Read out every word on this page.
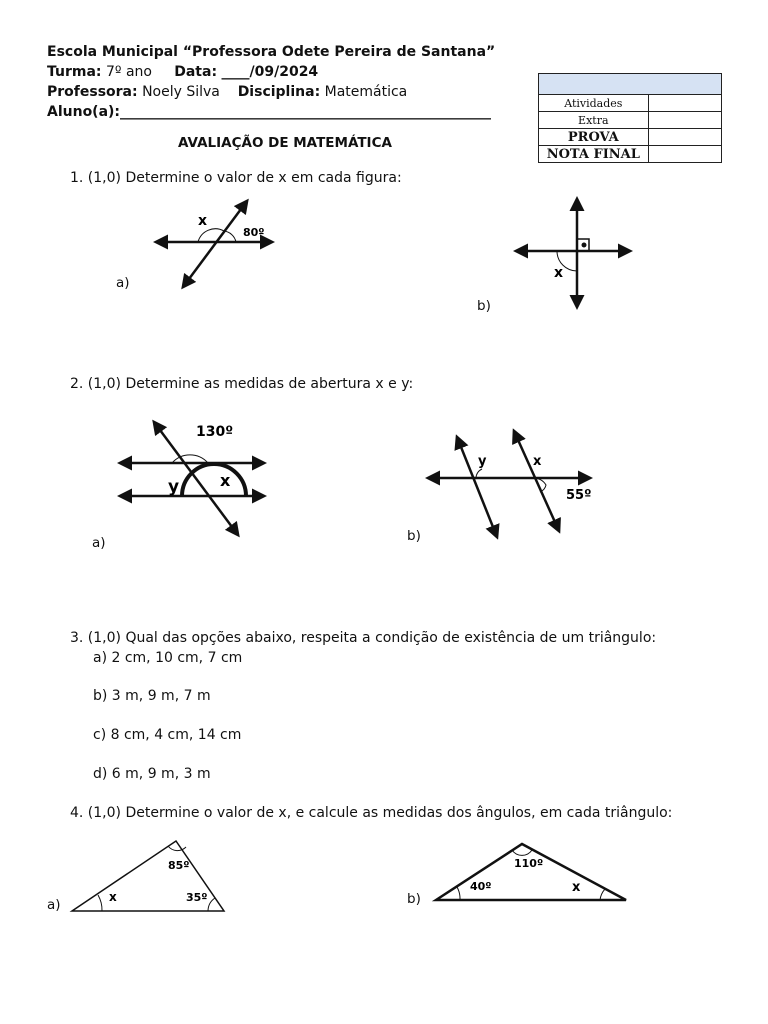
Escola Municipal “Professora Odete Pereira de Santana”
Turma: 7º ano Data: ____/09/2024
Professora: Noely Silva Disciplina: Matemática
Aluno(a):_____________________________________________________

Atividades	
Extra	
PROVA	
NOTA FINAL	
AVALIAÇÃO DE MATEMÁTICA
1. (1,0) Determine o valor de x em cada figura:
x
80º
a)
x
b)
2. (1,0) Determine as medidas de abertura x e y:
130º
y	x
a)
y	x
55º
b)
3. (1,0) Qual das opções abaixo, respeita a condição de existência de um triângulo:
a) 2 cm, 10 cm, 7 cm
b) 3 m, 9 m, 7 m
c) 8 cm, 4 cm, 14 cm
d) 6 m, 9 m, 3 m
4. (1,0) Determine o valor de x, e calcule as medidas dos ângulos, em cada triângulo:
85º
35º
x
a)
110º
40º	x
b)
